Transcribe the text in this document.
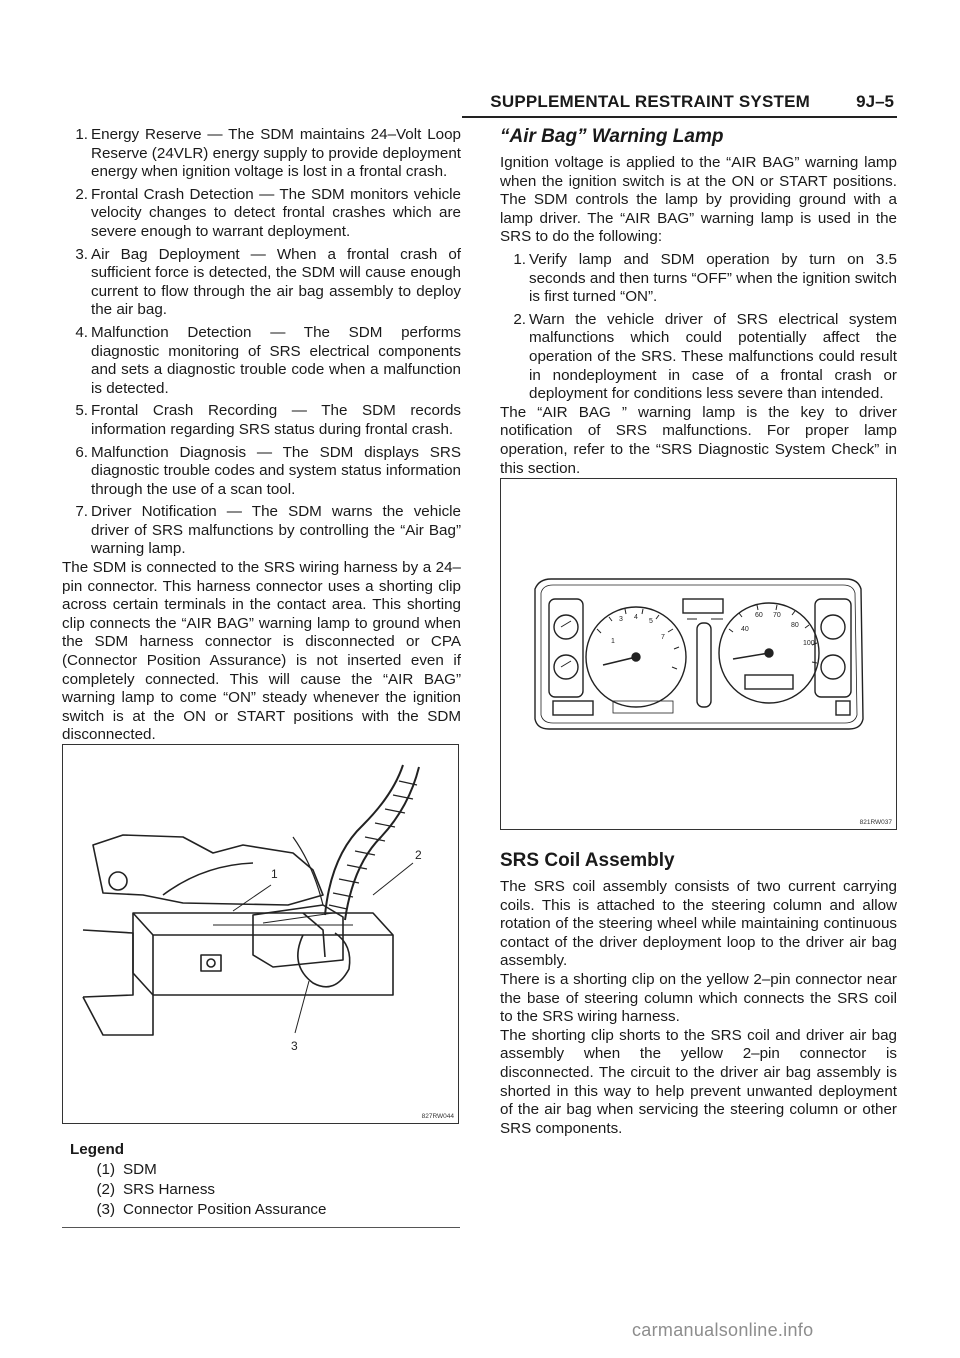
SUPPLEMENTAL RESTRAINT SYSTEM	9J–5
1. Energy Reserve — The SDM maintains 24–Volt Loop Reserve (24VLR) energy supply to provide deployment energy when ignition voltage is lost in a frontal crash.
2. Frontal Crash Detection — The SDM monitors vehicle velocity changes to detect frontal crashes which are severe enough to warrant deployment.
3. Air Bag Deployment — When a frontal crash of sufficient force is detected, the SDM will cause enough current to flow through the air bag assembly to deploy the air bag.
4. Malfunction Detection — The SDM performs diagnostic monitoring of SRS electrical components and sets a diagnostic trouble code when a malfunction is detected.
5. Frontal Crash Recording — The SDM records information regarding SRS status during frontal crash.
6. Malfunction Diagnosis — The SDM displays SRS diagnostic trouble codes and system status information through the use of a scan tool.
7. Driver Notification — The SDM warns the vehicle driver of SRS malfunctions by controlling the “Air Bag” warning lamp.

The SDM is connected to the SRS wiring harness by a 24–pin connector. This harness connector uses a shorting clip across certain terminals in the contact area. This shorting clip connects the “AIR BAG” warning lamp to ground when the SDM harness connector is disconnected or CPA (Connector Position Assurance) is not inserted even if completely connected. This will cause the “AIR BAG” warning lamp to come “ON” steady whenever the ignition switch is at the ON or START positions with the SDM disconnected.

1
2
3
827RW044
Legend
(1) SDM
(2) SRS Harness
(3) Connector Position Assurance
“Air Bag” Warning Lamp

Ignition voltage is applied to the “AIR BAG” warning lamp when the ignition switch is at the ON or START positions. The SDM controls the lamp by providing ground with a lamp driver. The “AIR BAG” warning lamp is used in the SRS to do the following:

1. Verify lamp and SDM operation by turn on 3.5 seconds and then turns “OFF” when the ignition switch is first turned “ON”.
2. Warn the vehicle driver of SRS electrical system malfunctions which could potentially affect the operation of the SRS. These malfunctions could result in nondeployment in case of a frontal crash or deployment for conditions less severe than intended.

The “AIR BAG ” warning lamp is the key to driver notification of SRS malfunctions. For proper lamp operation, refer to the “SRS Diagnostic System Check” in this section.

1
3 4
5
7
40
60 70
80
100
821RW037
SRS Coil Assembly

The SRS coil assembly consists of two current carrying coils. This is attached to the steering column and allow rotation of the steering wheel while maintaining continuous contact of the driver deployment loop to the driver air bag assembly.

There is a shorting clip on the yellow 2–pin connector near the base of steering column which connects the SRS coil to the SRS wiring harness.

The shorting clip shorts to the SRS coil and driver air bag assembly when the yellow 2–pin connector is disconnected. The circuit to the driver air bag assembly is shorted in this way to help prevent unwanted deployment of the air bag when servicing the steering column or other SRS components.

carmanualsonline.info
